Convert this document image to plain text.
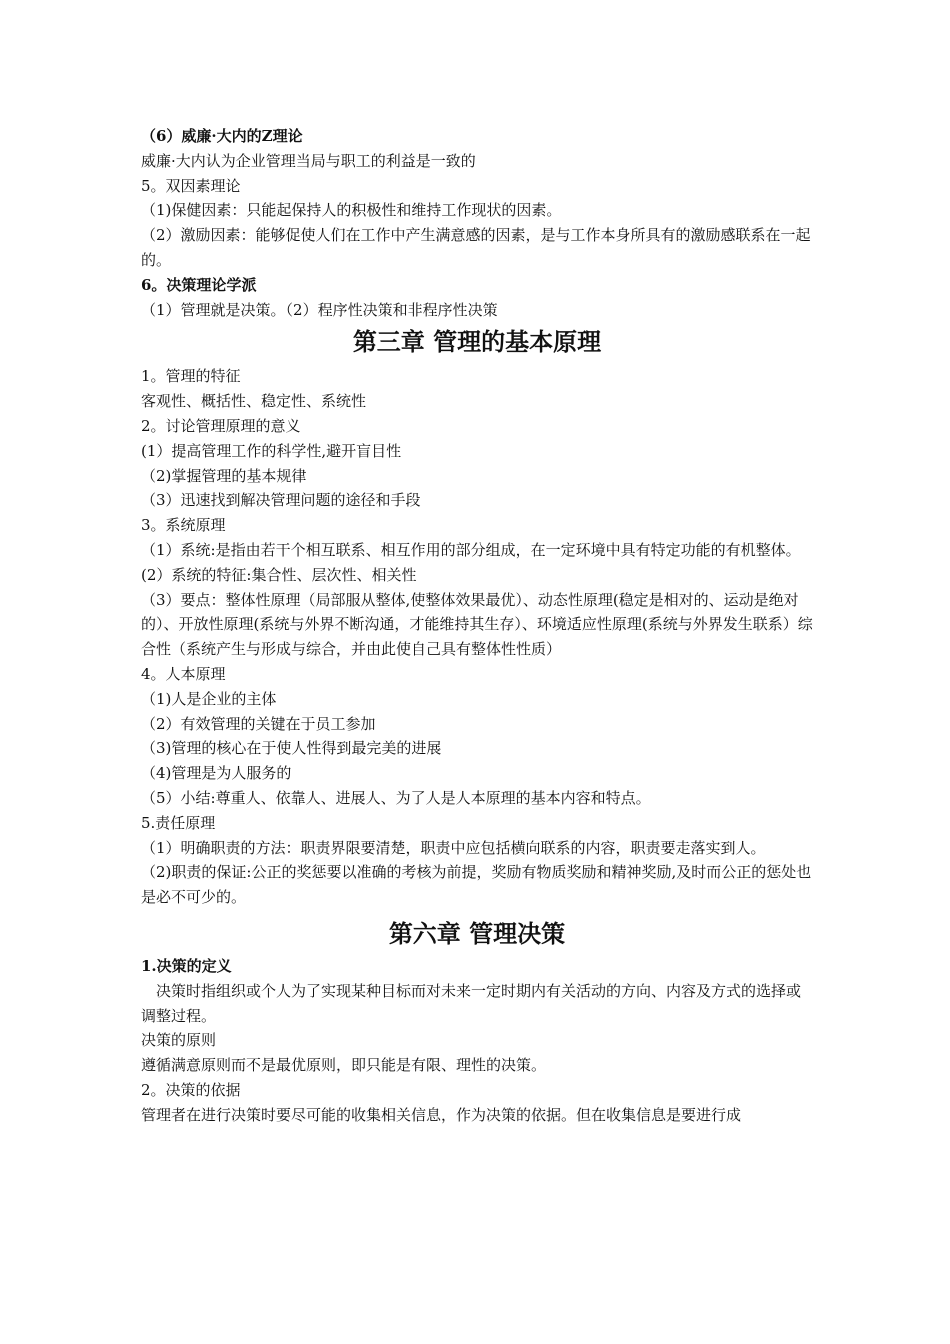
（6）威廉·大内的Z理论
威廉·大内认为企业管理当局与职工的利益是一致的
5。双因素理论
（1)保健因素：只能起保持人的积极性和维持工作现状的因素。
（2）激励因素：能够促使人们在工作中产生满意感的因素，是与工作本身所具有的激励感联系在一起的。
6。决策理论学派
（1）管理就是决策。（2）程序性决策和非程序性决策
第三章 管理的基本原理
1。管理的特征
客观性、概括性、稳定性、系统性
2。讨论管理原理的意义
(1）提高管理工作的科学性,避开盲目性
（2)掌握管理的基本规律
（3）迅速找到解决管理问题的途径和手段
3。系统原理
（1）系统:是指由若干个相互联系、相互作用的部分组成，在一定环境中具有特定功能的有机整体。
(2）系统的特征:集合性、层次性、相关性
（3）要点：整体性原理（局部服从整体,使整体效果最优）、动态性原理(稳定是相对的、运动是绝对的）、开放性原理(系统与外界不断沟通，才能维持其生存）、环境适应性原理(系统与外界发生联系）综合性（系统产生与形成与综合，并由此使自己具有整体性性质）
4。人本原理
（1)人是企业的主体
（2）有效管理的关键在于员工参加
（3)管理的核心在于使人性得到最完美的进展
（4)管理是为人服务的
（5）小结:尊重人、依靠人、进展人、为了人是人本原理的基本内容和特点。
5.责任原理
（1）明确职责的方法：职责界限要清楚，职责中应包括横向联系的内容，职责要走落实到人。
（2)职责的保证:公正的奖惩要以准确的考核为前提，奖励有物质奖励和精神奖励,及时而公正的惩处也是必不可少的。
第六章 管理决策
1.决策的定义
决策时指组织或个人为了实现某种目标而对未来一定时期内有关活动的方向、内容及方式的选择或调整过程。
决策的原则
遵循满意原则而不是最优原则，即只能是有限、理性的决策。
2。决策的依据
管理者在进行决策时要尽可能的收集相关信息，作为决策的依据。但在收集信息是要进行成
